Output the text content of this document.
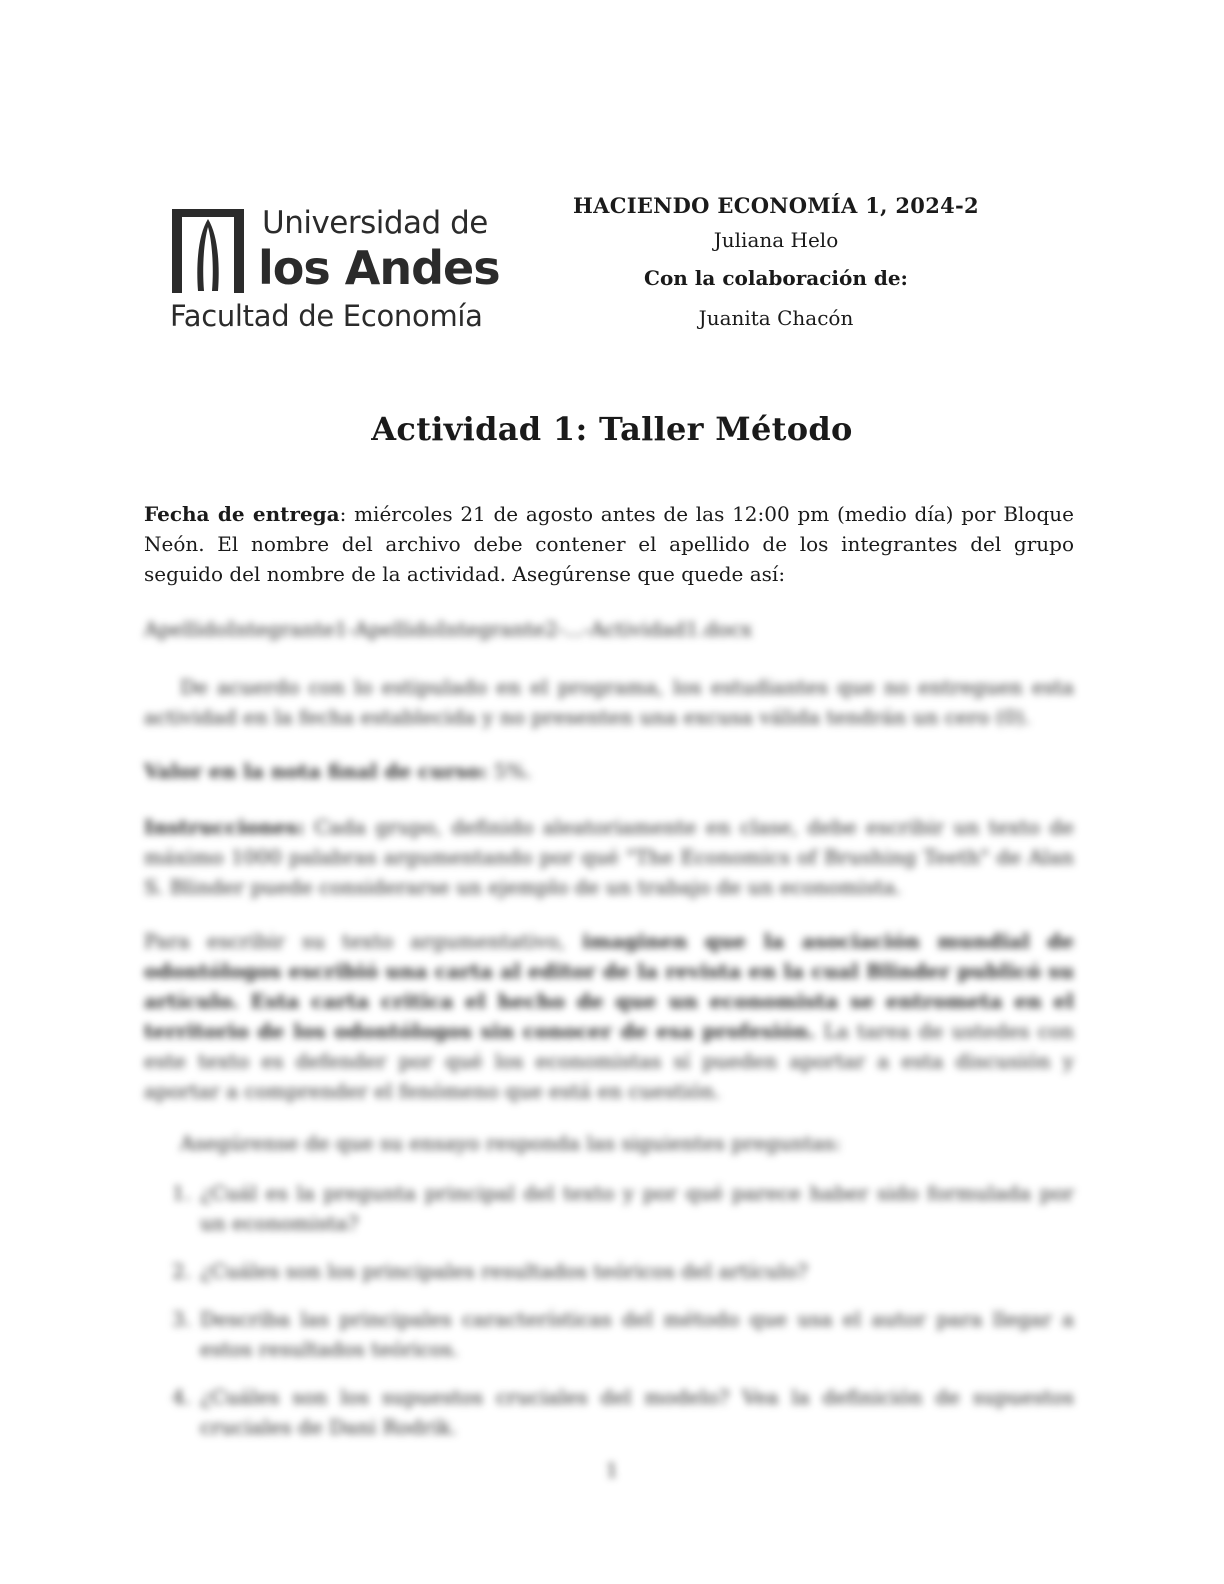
Universidad de
los Andes
Facultad de Economía
HACIENDO ECONOMÍA 1, 2024-2
Juliana Helo
Con la colaboración de:
Juanita Chacón
Actividad 1: Taller Método
Fecha de entrega: miércoles 21 de agosto antes de las 12:00 pm (medio día) por Bloque Neón. El nombre del archivo debe contener el apellido de los integrantes del grupo seguido del nombre de la actividad. Asegúrense que quede así:
ApellidoIntegrante1-ApellidoIntegrante2-...-Actividad1.docx
De acuerdo con lo estipulado en el programa, los estudiantes que no entreguen esta actividad en la fecha establecida y no presenten una excusa válida tendrán un cero (0).
Valor en la nota final de curso: 5%.
Instrucciones: Cada grupo, definido aleatoriamente en clase, debe escribir un texto de máximo 1000 palabras argumentando por qué "The Economics of Brushing Teeth" de Alan S. Blinder puede considerarse un ejemplo de un trabajo de un economista.
Para escribir su texto argumentativo, imaginen que la asociación mundial de odontólogos escribió una carta al editor de la revista en la cual Blinder publicó su artículo. Esta carta critica el hecho de que un economista se entrometa en el territorio de los odontólogos sin conocer de esa profesión. La tarea de ustedes con este texto es defender por qué los economistas sí pueden aportar a esta discusión y aportar a comprender el fenómeno que está en cuestión.
Asegúrense de que su ensayo responda las siguientes preguntas:
1. ¿Cuál es la pregunta principal del texto y por qué parece haber sido formulada por un economista?
2. ¿Cuáles son los principales resultados teóricos del artículo?
3. Describa las principales características del método que usa el autor para llegar a estos resultados teóricos.
4. ¿Cuáles son los supuestos cruciales del modelo? Vea la definición de supuestos cruciales de Dani Rodrik.
1
